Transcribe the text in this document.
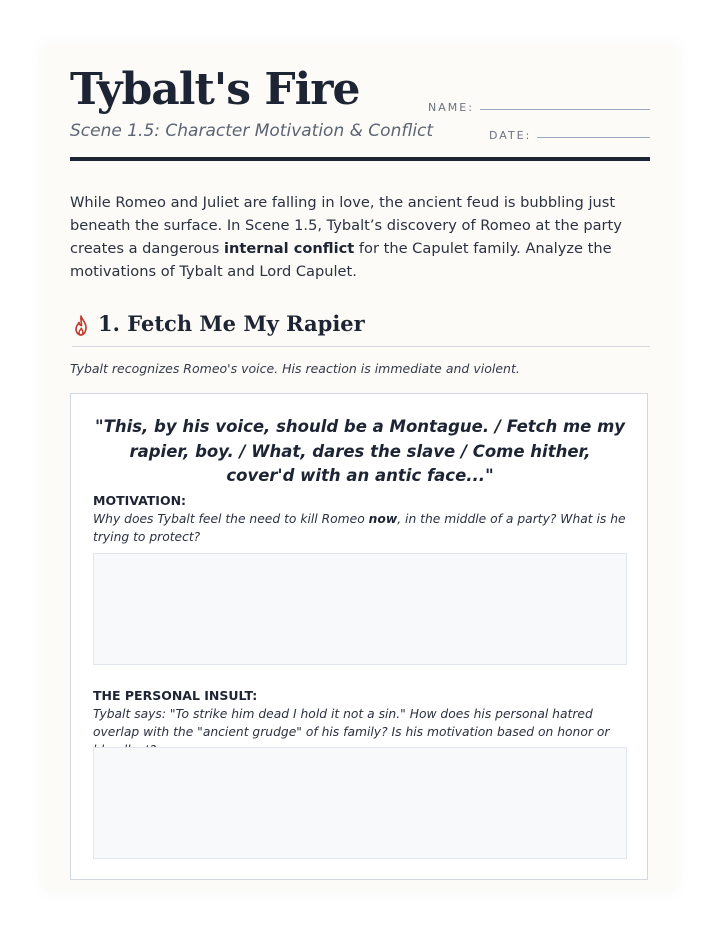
Tybalt's Fire

Scene 1.5: Character Motivation & Conflict

NAME:
DATE:

While Romeo and Juliet are falling in love, the ancient feud is bubbling just beneath the surface. In Scene 1.5, Tybalt’s discovery of Romeo at the party creates a dangerous internal conflict for the Capulet family. Analyze the motivations of Tybalt and Lord Capulet.

1. Fetch Me My Rapier

Tybalt recognizes Romeo's voice. His reaction is immediate and violent.

"This, by his voice, should be a Montague. / Fetch me my rapier, boy. / What, dares the slave / Come hither, cover'd with an antic face..."

MOTIVATION:

Why does Tybalt feel the need to kill Romeo now, in the middle of a party? What is he trying to protect?

THE PERSONAL INSULT:

Tybalt says: "To strike him dead I hold it not a sin." How does his personal hatred overlap with the "ancient grudge" of his family? Is his motivation based on honor or
